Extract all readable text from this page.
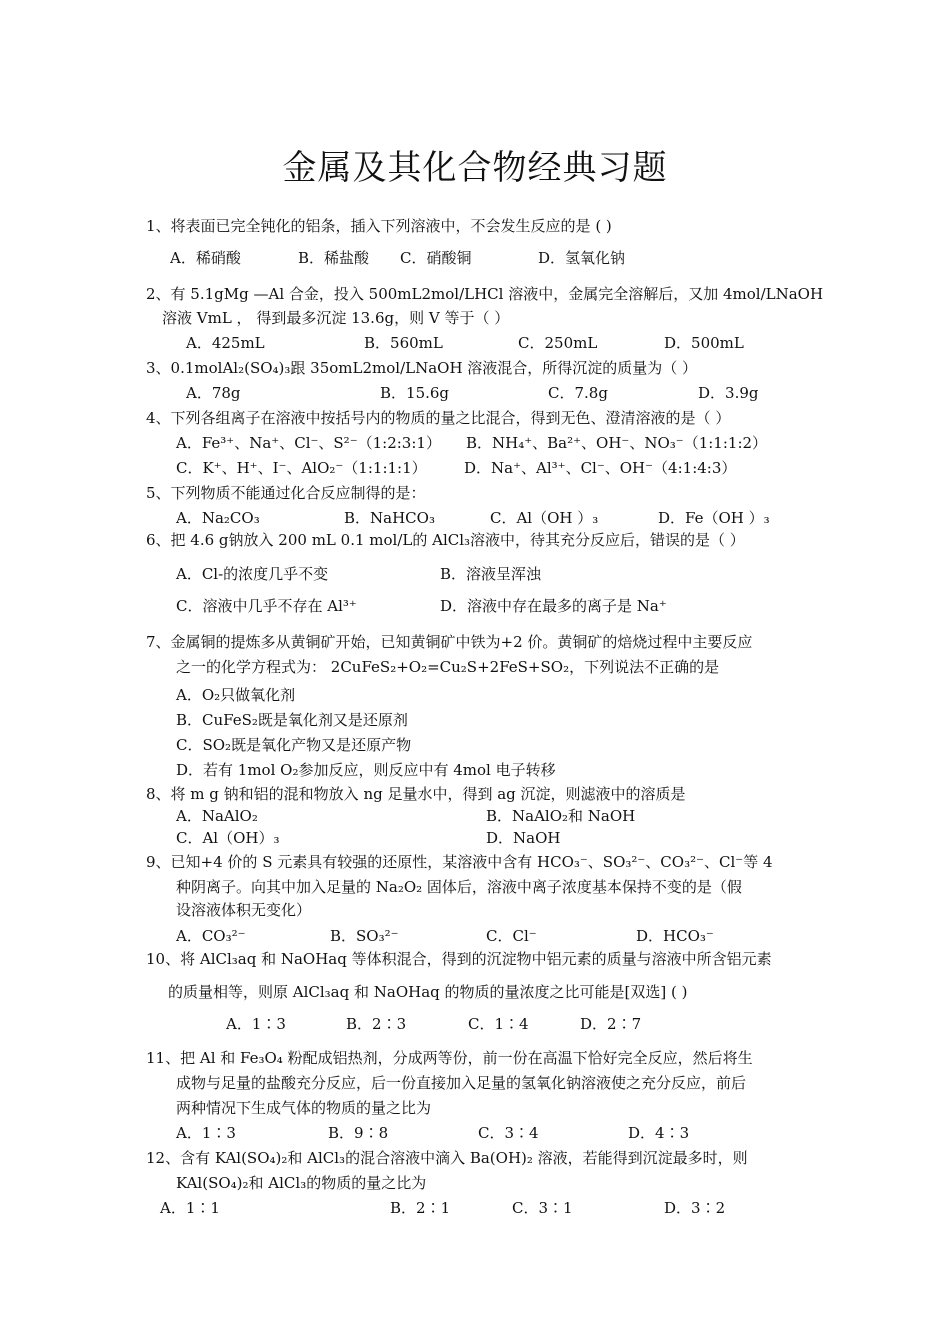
金属及其化合物经典习题
1、将表面已完全钝化的铝条，插入下列溶液中，不会发生反应的是 ( )
A．稀硝酸	B．稀盐酸 C．硝酸铜	D．氢氧化钠
2、有 5.1gMg —Al 合金，投入 500mL2mol/LHCl 溶液中，金属完全溶解后，又加 4mol/LNaOH
溶液 VmL ， 得到最多沉淀 13.6g，则 V 等于（ ）
A．425mL	B．560mL	C．250mL	D．500mL
3、0.1molAl₂(SO₄)₃跟 35omL2mol/LNaOH 溶液混合，所得沉淀的质量为（ ）
A．78g	B．15.6g	C．7.8g	D．3.9g
4、下列各组离子在溶液中按括号内的物质的量之比混合，得到无色、澄清溶液的是（ ）
A．Fe³⁺、Na⁺、Cl⁻、S²⁻（1:2:3:1） B．NH₄⁺、Ba²⁺、OH⁻、NO₃⁻（1:1:1:2）
C．K⁺、H⁺、I⁻、AlO₂⁻（1:1:1:1） D．Na⁺、Al³⁺、Cl⁻、OH⁻（4:1:4:3）
5、下列物质不能通过化合反应制得的是：
A．Na₂CO₃	B．NaHCO₃	C．Al（OH ）₃	D．Fe（OH ）₃
6、把 4.6 g钠放入 200 mL 0.1 mol/L的 AlCl₃溶液中，待其充分反应后，错误的是（ ）
A．Cl-的浓度几乎不变	B．溶液呈浑浊
C．溶液中几乎不存在 Al³⁺	D．溶液中存在最多的离子是 Na⁺
7、金属铜的提炼多从黄铜矿开始，已知黄铜矿中铁为+2 价。黄铜矿的焙烧过程中主要反应
之一的化学方程式为： 2CuFeS₂+O₂=Cu₂S+2FeS+SO₂，下列说法不正确的是
A．O₂只做氧化剂
B．CuFeS₂既是氧化剂又是还原剂
C．SO₂既是氧化产物又是还原产物
D．若有 1mol O₂参加反应，则反应中有 4mol 电子转移
8、将 m g 钠和铝的混和物放入 ng 足量水中，得到 ag 沉淀，则滤液中的溶质是
A．NaAlO₂	B．NaAlO₂和 NaOH
C．Al（OH）₃	D．NaOH
9、已知+4 价的 S 元素具有较强的还原性，某溶液中含有 HCO₃⁻、SO₃²⁻、CO₃²⁻、Cl⁻等 4
种阴离子。向其中加入足量的 Na₂O₂ 固体后，溶液中离子浓度基本保持不变的是（假
设溶液体积无变化）
A．CO₃²⁻	B．SO₃²⁻	C．Cl⁻	D．HCO₃⁻
10、将 AlCl₃aq 和 NaOHaq 等体积混合，得到的沉淀物中铝元素的质量与溶液中所含铝元素
的质量相等，则原 AlCl₃aq 和 NaOHaq 的物质的量浓度之比可能是[双选] ( )
A．1∶3	B．2∶3	C．1∶4	D．2∶7
11、把 Al 和 Fe₃O₄ 粉配成铝热剂，分成两等份，前一份在高温下恰好完全反应，然后将生
成物与足量的盐酸充分反应，后一份直接加入足量的氢氧化钠溶液使之充分反应，前后
两种情况下生成气体的物质的量之比为
A．1∶3	B．9∶8	C．3∶4	D．4∶3
12、含有 KAl(SO₄)₂和 AlCl₃的混合溶液中滴入 Ba(OH)₂ 溶液，若能得到沉淀最多时，则
KAl(SO₄)₂和 AlCl₃的物质的量之比为
A．1∶1	B．2∶1	C．3∶1	D．3∶2
